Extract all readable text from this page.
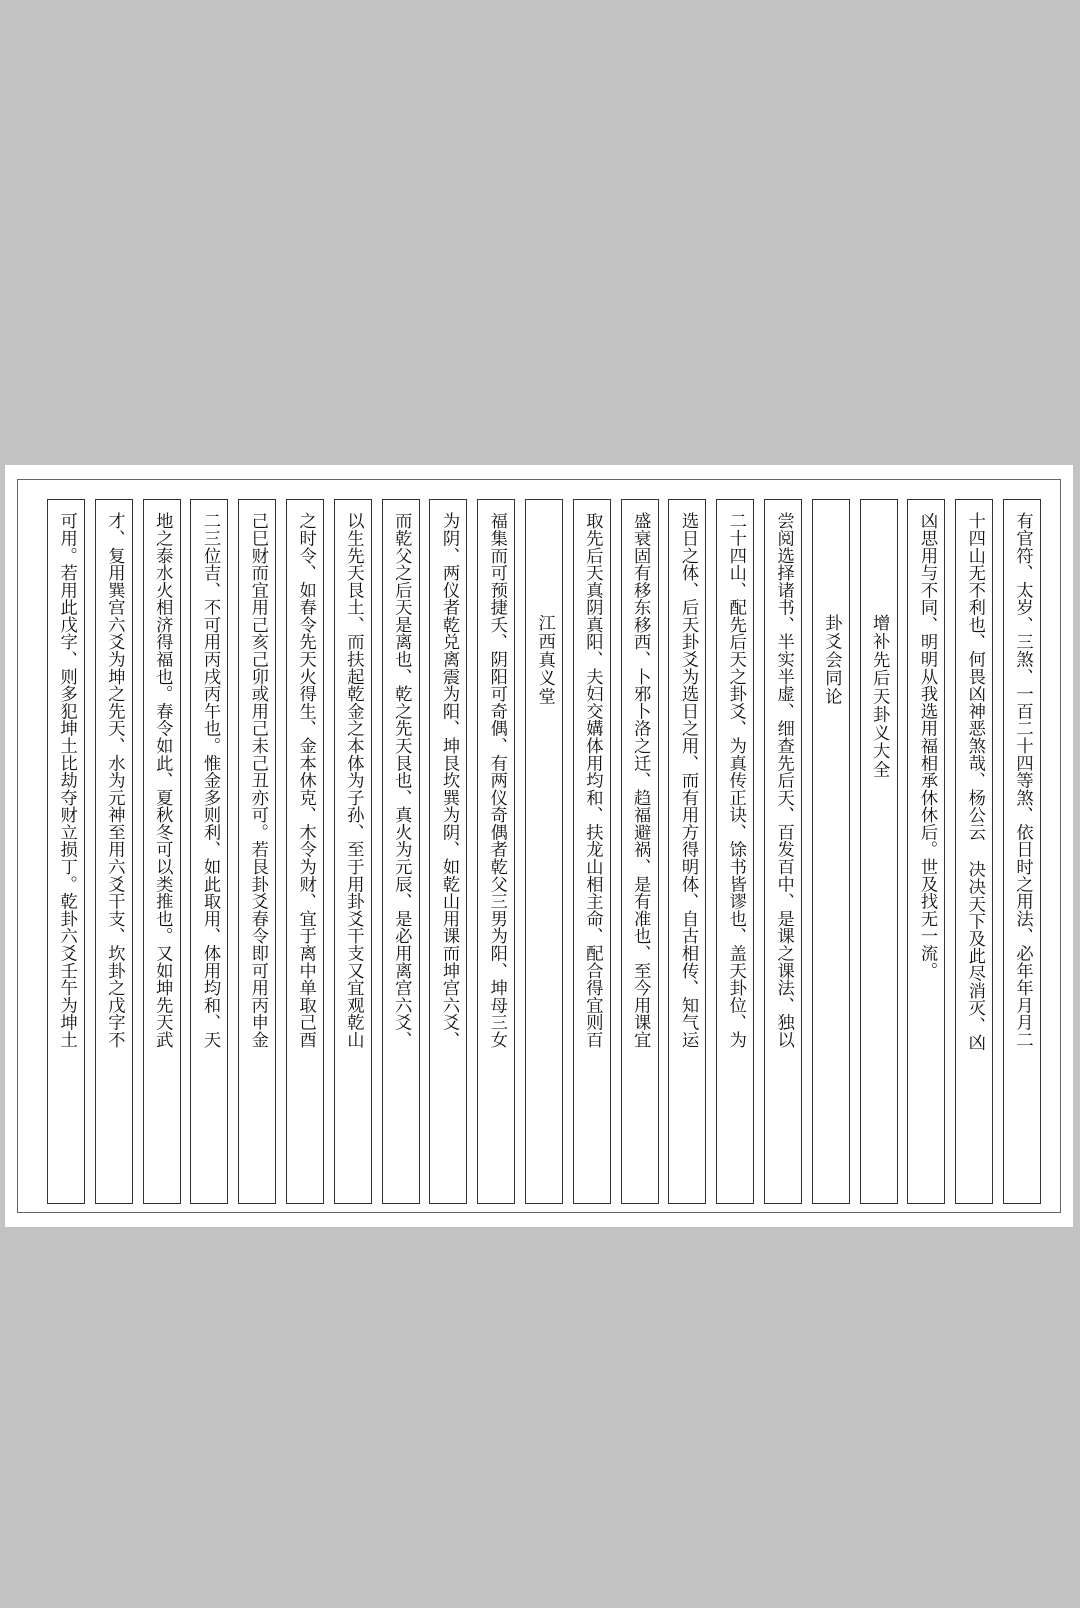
有官符、太岁、三煞、一百二十四等煞、依日时之用法、必年年月月二
十四山无不利也、何畏凶神恶煞哉、杨公云 决决天下及此尽消灭、凶
凶思用与不同、明明从我选用福相承休休后。世及找无一流。
增补先后天卦义大全
卦爻会同论
尝阅选择诸书、半实半虚、细查先后天、百发百中、是课之课法、独以
二十四山、配先后天之卦爻、为真传正诀、馀书皆谬也、盖天卦位、为
选日之体、后天卦爻为选日之用、而有用方得明体、自古相传、知气运
盛衰固有移东移西、卜邪卜洛之迁、趋福避祸、是有准也、至今用课宜
取先后天真阴真阳、夫妇交媾体用均和、扶龙山相主命、配合得宜则百
江西真义堂
福集而可预捷夭、阴阳可奇偶、有两仪奇偶者乾父三男为阳、坤母三女
为阴、两仪者乾兑离震为阳、坤艮坎巽为阴、如乾山用课而坤宫六爻、
而乾父之后天是离也、乾之先天艮也、真火为元辰、是必用离宫六爻、
以生先天艮土、而扶起乾金之本体为子孙、至于用卦爻干支又宜观乾山
之时令、如春令先天火得生、金本休克、木令为财、宜于离中单取己酉
己巳财而宜用己亥己卯或用己未己丑亦可。若艮卦爻春令即可用丙申金
二三位吉、不可用丙戌丙午也。惟金多则利、如此取用、体用均和、天
地之泰水火相济得福也。春令如此、夏秋冬可以类推也。又如坤先天武
才、复用巽宫六爻为坤之先天、水为元神至用六爻干支、坎卦之戊字不
可用。若用此戊字、则多犯坤土比劫夺财立损丁。乾卦六爻壬午为坤土
